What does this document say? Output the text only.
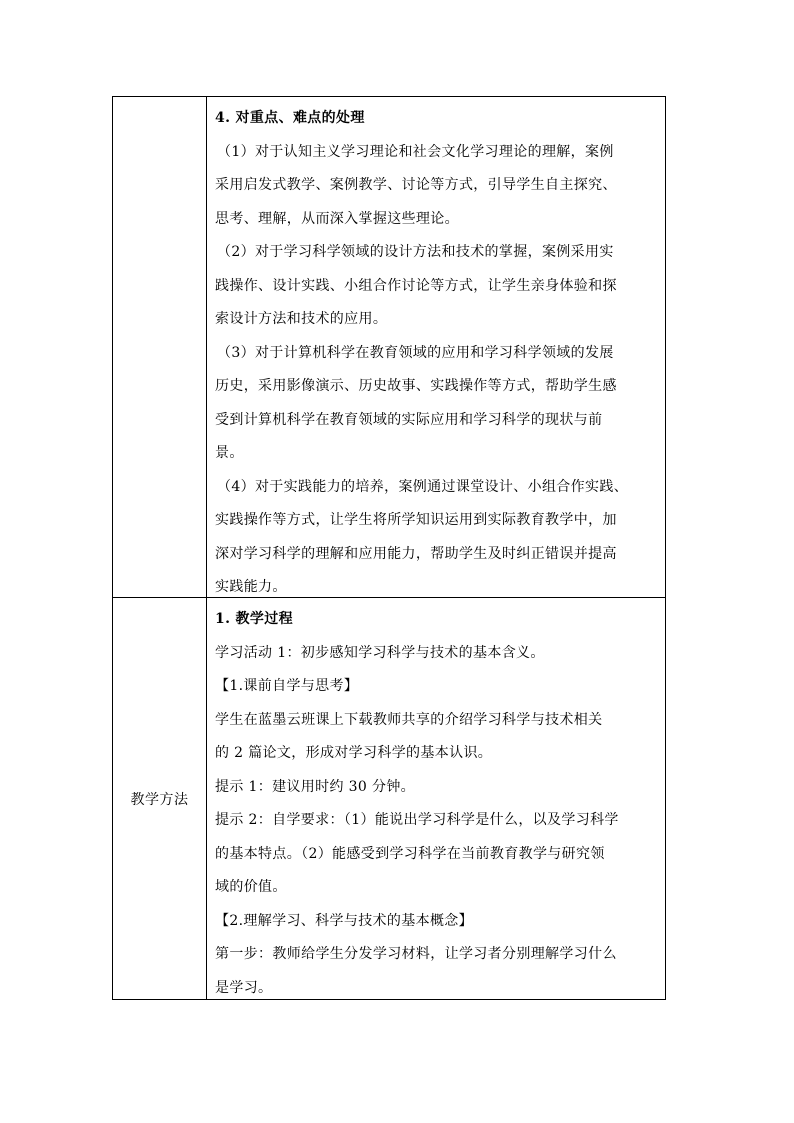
4. 对重点、难点的处理
（1）对于认知主义学习理论和社会文化学习理论的理解，案例
采用启发式教学、案例教学、讨论等方式，引导学生自主探究、
思考、理解，从而深入掌握这些理论。
（2）对于学习科学领域的设计方法和技术的掌握，案例采用实
践操作、设计实践、小组合作讨论等方式，让学生亲身体验和探
索设计方法和技术的应用。
（3）对于计算机科学在教育领域的应用和学习科学领域的发展
历史，采用影像演示、历史故事、实践操作等方式，帮助学生感
受到计算机科学在教育领域的实际应用和学习科学的现状与前
景。
（4）对于实践能力的培养，案例通过课堂设计、小组合作实践、
实践操作等方式，让学生将所学知识运用到实际教育教学中，加
深对学习科学的理解和应用能力，帮助学生及时纠正错误并提高
实践能力。
教学方法
1. 教学过程
学习活动 1：初步感知学习科学与技术的基本含义。
【1.课前自学与思考】
学生在蓝墨云班课上下载教师共享的介绍学习科学与技术相关
的 2 篇论文，形成对学习科学的基本认识。
提示 1：建议用时约 30 分钟。
提示 2：自学要求：（1）能说出学习科学是什么，以及学习科学
的基本特点。（2）能感受到学习科学在当前教育教学与研究领
域的价值。
【2.理解学习、科学与技术的基本概念】
第一步：教师给学生分发学习材料，让学习者分别理解学习什么
是学习。
